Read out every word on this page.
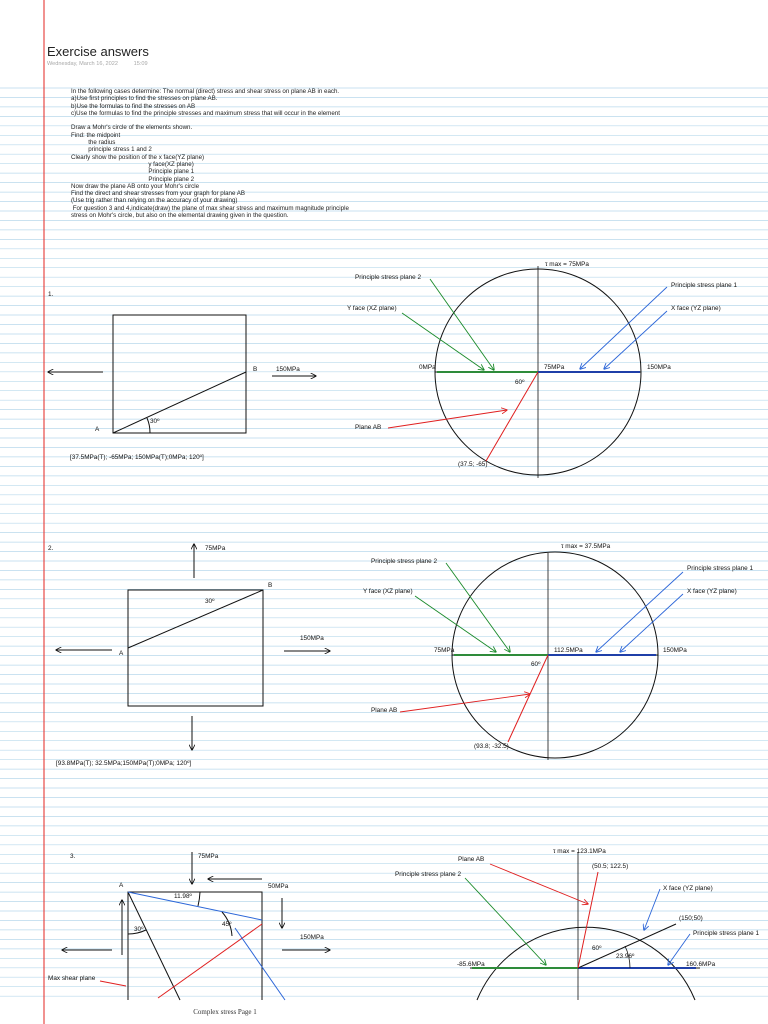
Exercise answers
Wednesday, March 16, 2022	15:09
In the following cases determine: The normal (direct) stress and shear stress on plane AB in each.
a)Use first principles to find the stresses on plane AB.
b)Use the formulas to find the stresses on AB
c)Use the formulas to find the principle stresses and maximum stress that will occur in the element
Draw a Mohr's circle of the elements shown.
Find: the midpoint
the radius
principle stress 1 and 2
Clearly show the position of the x face(YZ plane)
y face(XZ plane)
Principle plane 1
Principle plane 2
Now draw the plane AB onto your Mohr's circle
Find the direct and shear stresses from your graph for plane AB
(Use trig rather than relying on the accuracy of your drawing)
For question 3 and 4,indicate(draw) the plane of max shear stress and maximum magnitude principle
stress on Mohr's circle, but also on the elemental drawing given in the question.
1.
A
B
30º
150MPa
[37.5MPa(T); -65MPa; 150MPa(T);0MPa; 120º]
τ max = 75MPa
Principle stress plane 2
Principle stress plane 1
Y face (XZ plane)	X face (YZ plane)
0MPa	75MPa	150MPa
60º
Plane AB
(37.5; -65)
2.	75MPa
B
30º
A
150MPa
[93.8MPa(T); 32.5MPa;150MPa(T);0MPa; 120º]
τ max = 37.5MPa
Principle stress plane 2
Principle stress plane 1
Y face (XZ plane)	X face (YZ plane)
75MPa	112.5MPa	150MPa
60º
Plane AB
(93.8; -32.5)
3.	75MPa
A	50MPa
11.98º
45º
30º
150MPa
Max shear plane
τ max = 123.1MPa
(50.5; 122.5)
Plane AB
Principle stress plane 2
X face (YZ plane)
(150;50)
Principle stress plane 1
60º
23.96º
-85.6MPa	160.6MPa
Complex stress Page 1
